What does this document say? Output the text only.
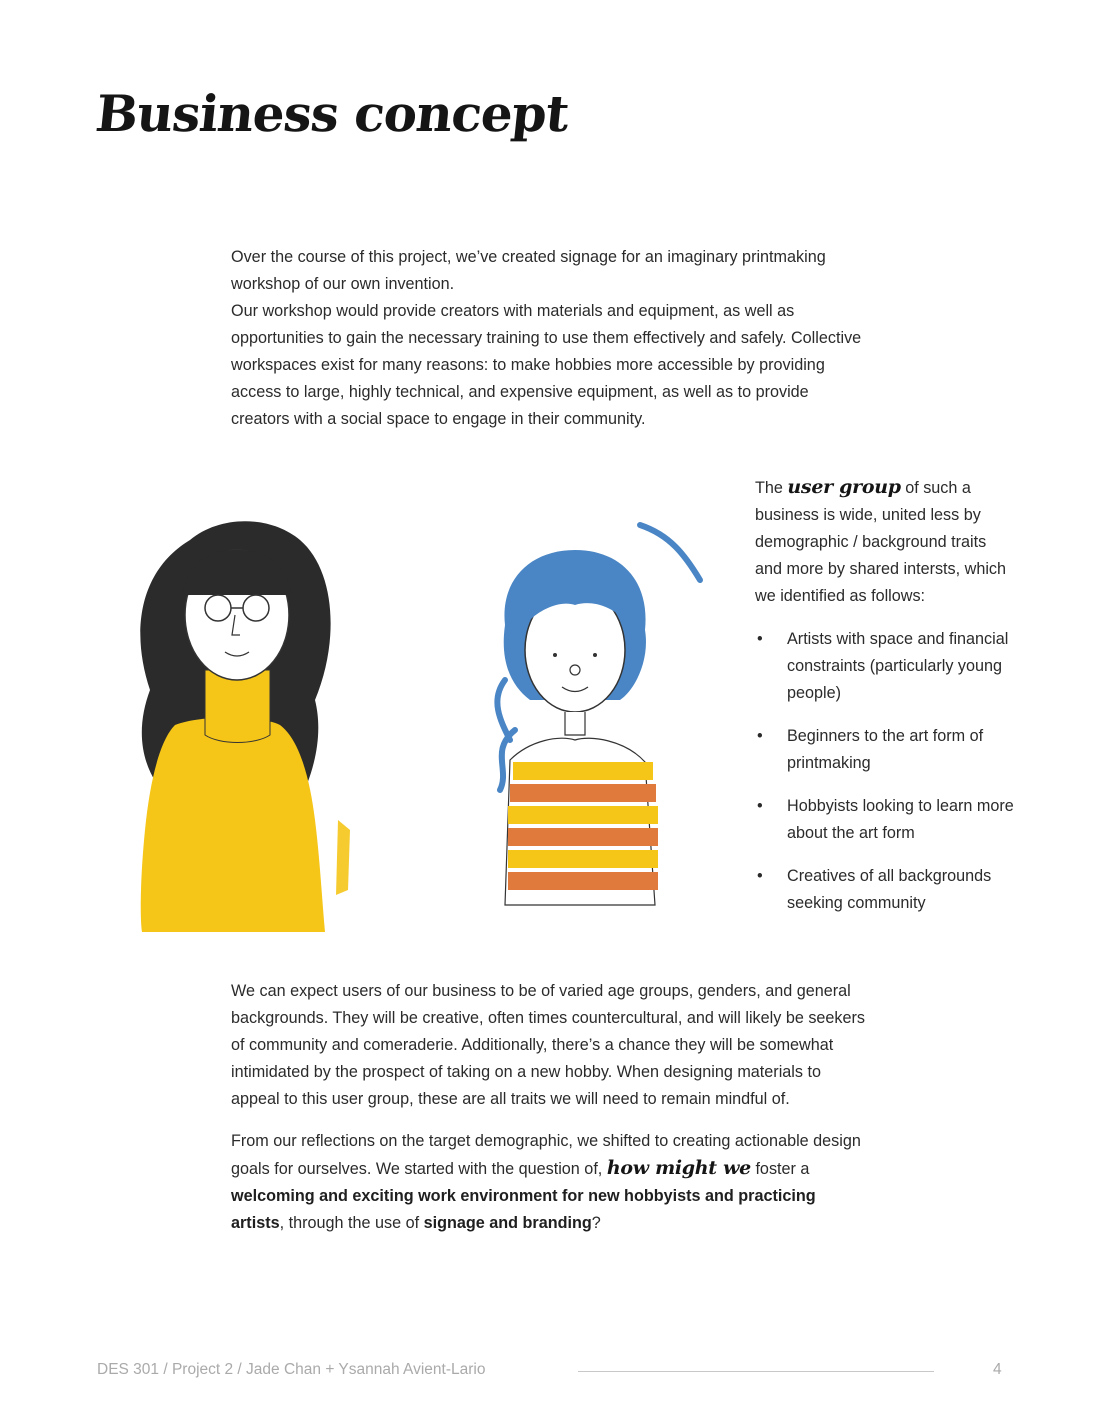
Business concept

Over the course of this project, we’ve created signage for an imaginary printmaking workshop of our own invention.

Our workshop would provide creators with materials and equipment, as well as opportunities to gain the necessary training to use them effectively and safely. Collective workspaces exist for many reasons: to make hobbies more accessible by providing access to large, highly technical, and expensive equipment, as well as to provide creators with a social space to engage in their community.

The user group of such a business is wide, united less by demographic / background traits and more by shared intersts, which we identified as follows:

• Artists with space and financial constraints (particularly young people)
• Beginners to the art form of printmaking
• Hobbyists looking to learn more about the art form
• Creatives of all backgrounds seeking community

We can expect users of our business to be of varied age groups, genders, and general backgrounds. They will be creative, often times countercultural, and will likely be seekers of community and comeraderie. Additionally, there’s a chance they will be somewhat intimidated by the prospect of taking on a new hobby. When designing materials to appeal to this user group, these are all traits we will need to remain mindful of.

From our reflections on the target demographic, we shifted to creating actionable design goals for ourselves. We started with the question of, how might we foster a welcoming and exciting work environment for new hobbyists and practicing artists, through the use of signage and branding?

DES 301 / Project 2 / Jade Chan + Ysannah Avient-Lario	4
